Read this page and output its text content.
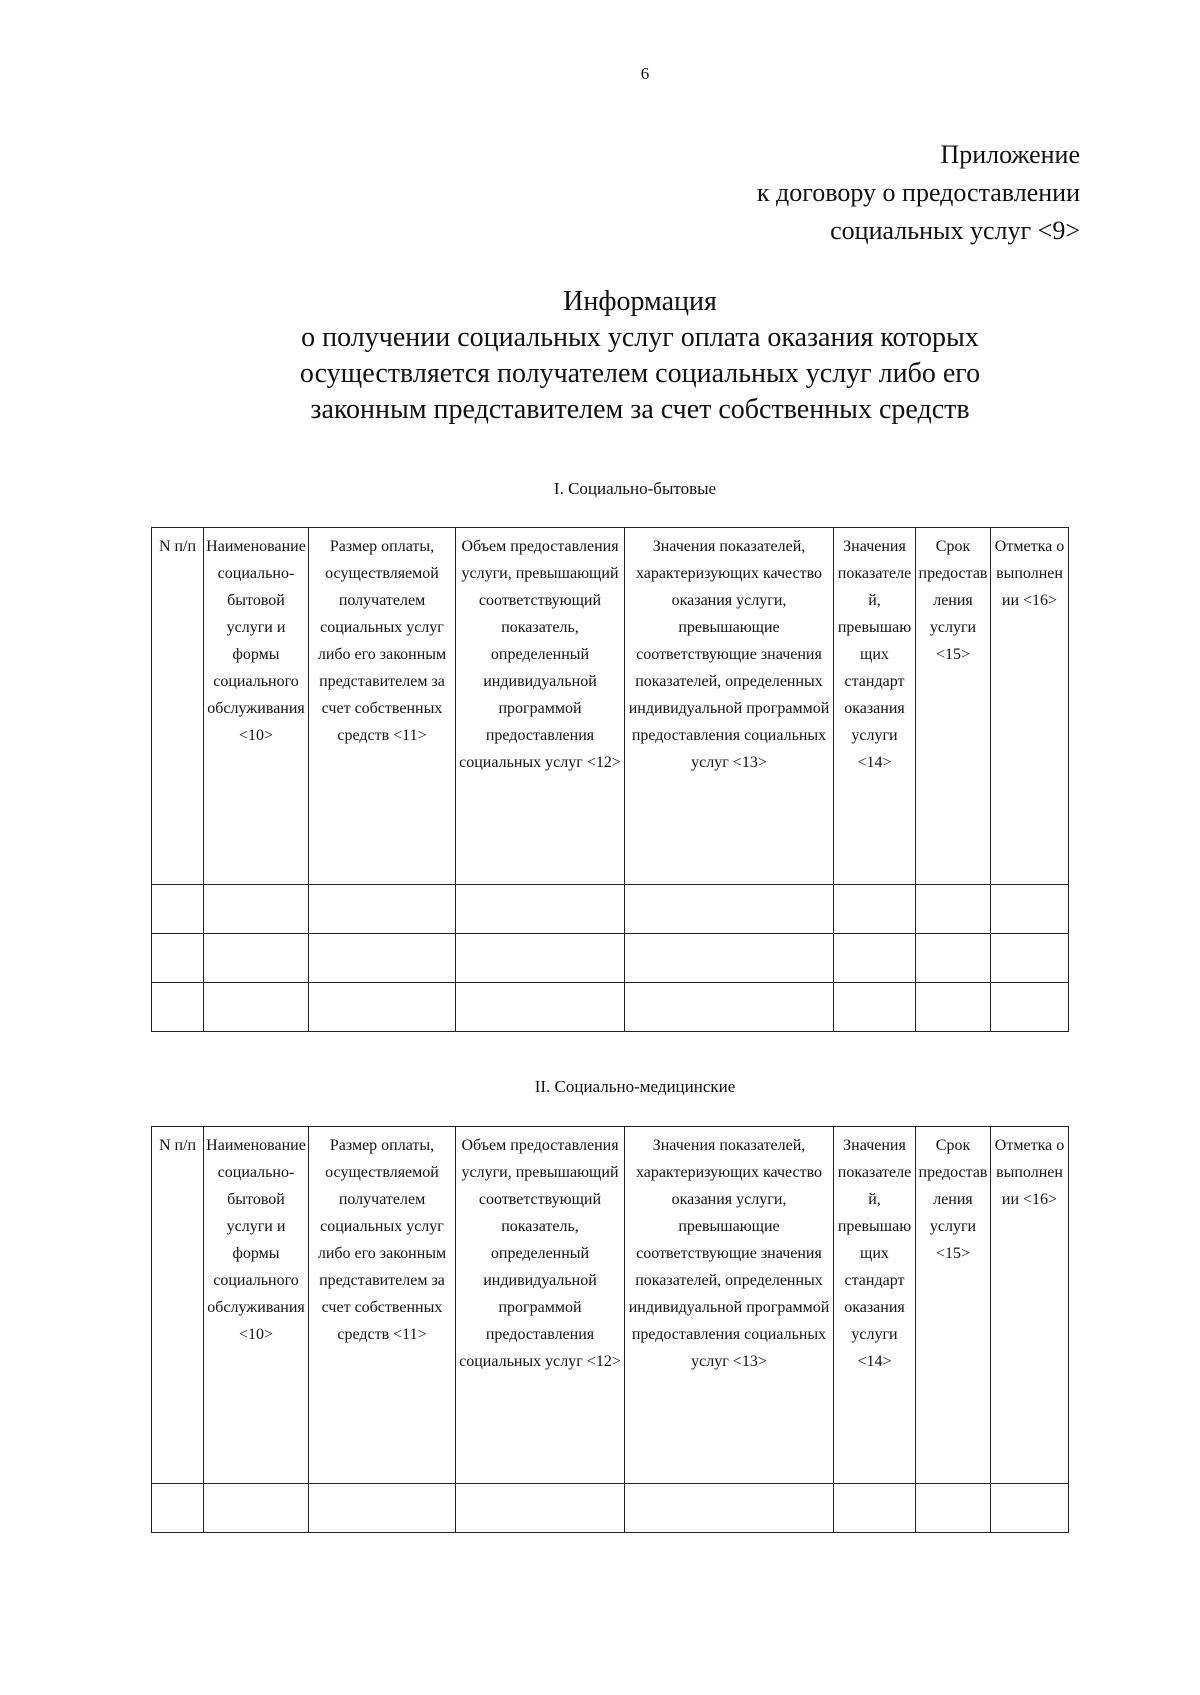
6
Приложение
к договору о предоставлении
социальных услуг <9>
Информация
о получении социальных услуг оплата оказания которых
осуществляется получателем социальных услуг либо его
законным представителем за счет собственных средств
I. Социально-бытовые
N п/п	Наименование социально-бытовой услуги и формы социального обслуживания <10>	Размер оплаты, осуществляемой получателем социальных услуг либо его законным представителем за счет собственных средств <11>	Объем предоставления услуги, превышающий соответствующий показатель, определенный индивидуальной программой предоставления социальных услуг <12>	Значения показателей, характеризующих качество оказания услуги, превышающие соответствующие значения показателей, определенных индивидуальной программой предоставления социальных услуг <13>	Значения показателей, превышающих стандарт оказания услуги <14>	Срок предоставления услуги <15>	Отметка о выполнении <16>

II. Социально-медицинские
N п/п	Наименование социально-бытовой услуги и формы социального обслуживания <10>	Размер оплаты, осуществляемой получателем социальных услуг либо его законным представителем за счет собственных средств <11>	Объем предоставления услуги, превышающий соответствующий показатель, определенный индивидуальной программой предоставления социальных услуг <12>	Значения показателей, характеризующих качество оказания услуги, превышающие соответствующие значения показателей, определенных индивидуальной программой предоставления социальных услуг <13>	Значения показателей, превышающих стандарт оказания услуги <14>	Срок предоставления услуги <15>	Отметка о выполнении <16>
